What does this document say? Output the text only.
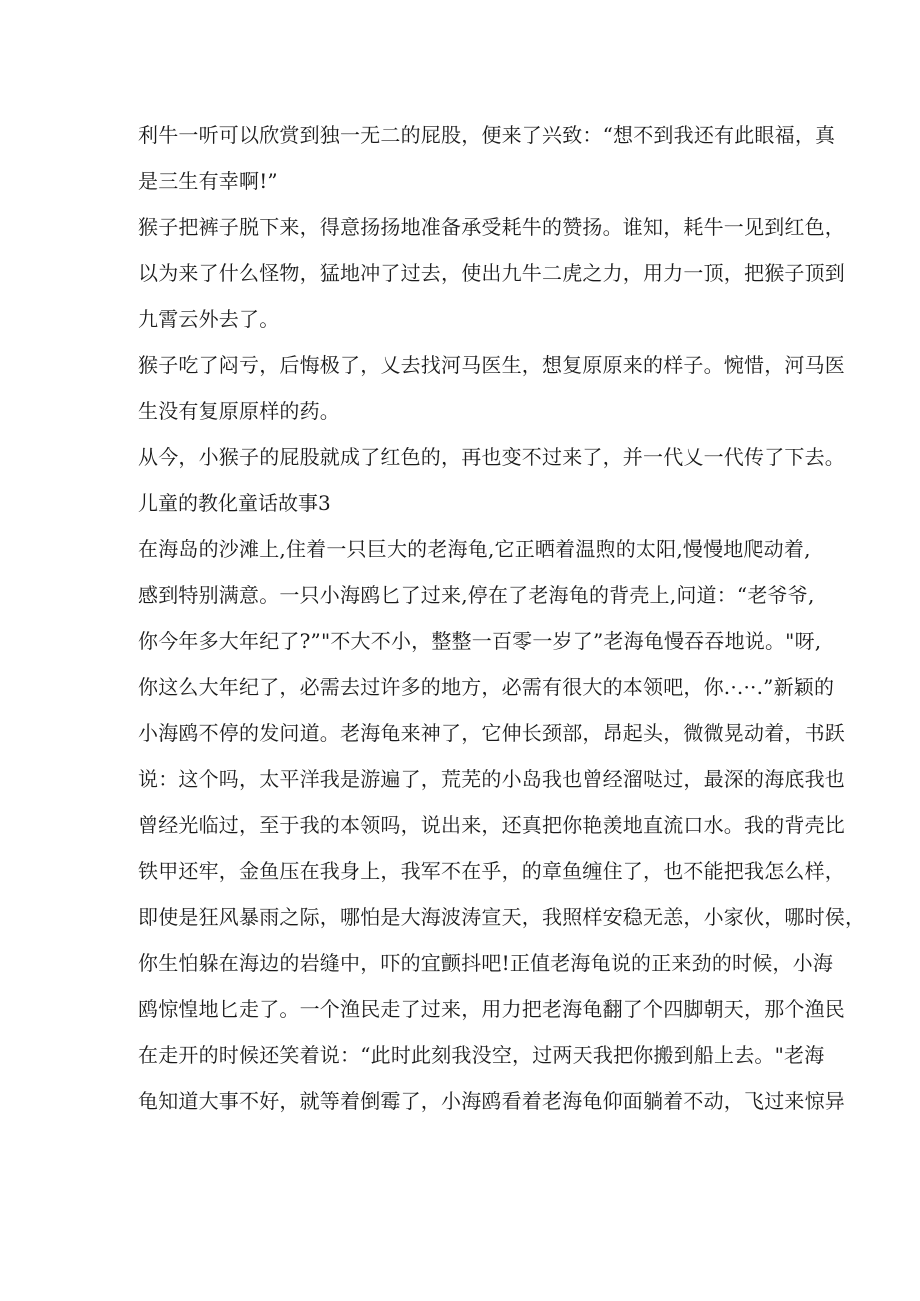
利牛一听可以欣赏到独一无二的屁股，便来了兴致：“想不到我还有此眼福，真
是三生有幸啊!”
猴子把裤子脱下来，得意扬扬地准备承受耗牛的赞扬。谁知，耗牛一见到红色，
以为来了什么怪物，猛地冲了过去，使出九牛二虎之力，用力一顶，把猴子顶到
九霄云外去了。
猴子吃了闷亏，后悔极了，乂去找河马医生，想复原原来的样子。惋惜，河马医
生没有复原原样的药。
从今，小猴子的屁股就成了红色的，再也变不过来了，并一代乂一代传了下去。
儿童的教化童话故事3
在海岛的沙滩上,住着一只巨大的老海龟,它正晒着温煦的太阳,慢慢地爬动着,
感到特别满意。一只小海鸥匕了过来,停在了老海龟的背壳上,问道：“老爷爷,
你今年多大年纪了?”"不大不小，整整一百零一岁了”老海龟慢吞吞地说。"呀,
你这么大年纪了，必需去过许多的地方，必需有很大的本领吧，你.·.··.”新颖的
小海鸥不停的发问道。老海龟来神了，它伸长颈部，昂起头，微微晃动着，书跃
说：这个吗，太平洋我是游遍了，荒芜的小岛我也曾经溜哒过，最深的海底我也
曾经光临过，至于我的本领吗，说出来，还真把你艳羡地直流口水。我的背壳比
铁甲还牢，金鱼压在我身上，我军不在乎，的章鱼缠住了，也不能把我怎么样，
即使是狂风暴雨之际，哪怕是大海波涛宣天，我照样安稳无恙，小家伙，哪时侯，
你生怕躲在海边的岩缝中，吓的宜颤抖吧!正值老海龟说的正来劲的时候，小海
鸥惊惶地匕走了。一个渔民走了过来，用力把老海龟翻了个四脚朝天，那个渔民
在走开的时候还笑着说：“此时此刻我没空，过两天我把你搬到船上去。"老海
龟知道大事不好，就等着倒霉了，小海鸥看着老海龟仰面躺着不动，飞过来惊异
